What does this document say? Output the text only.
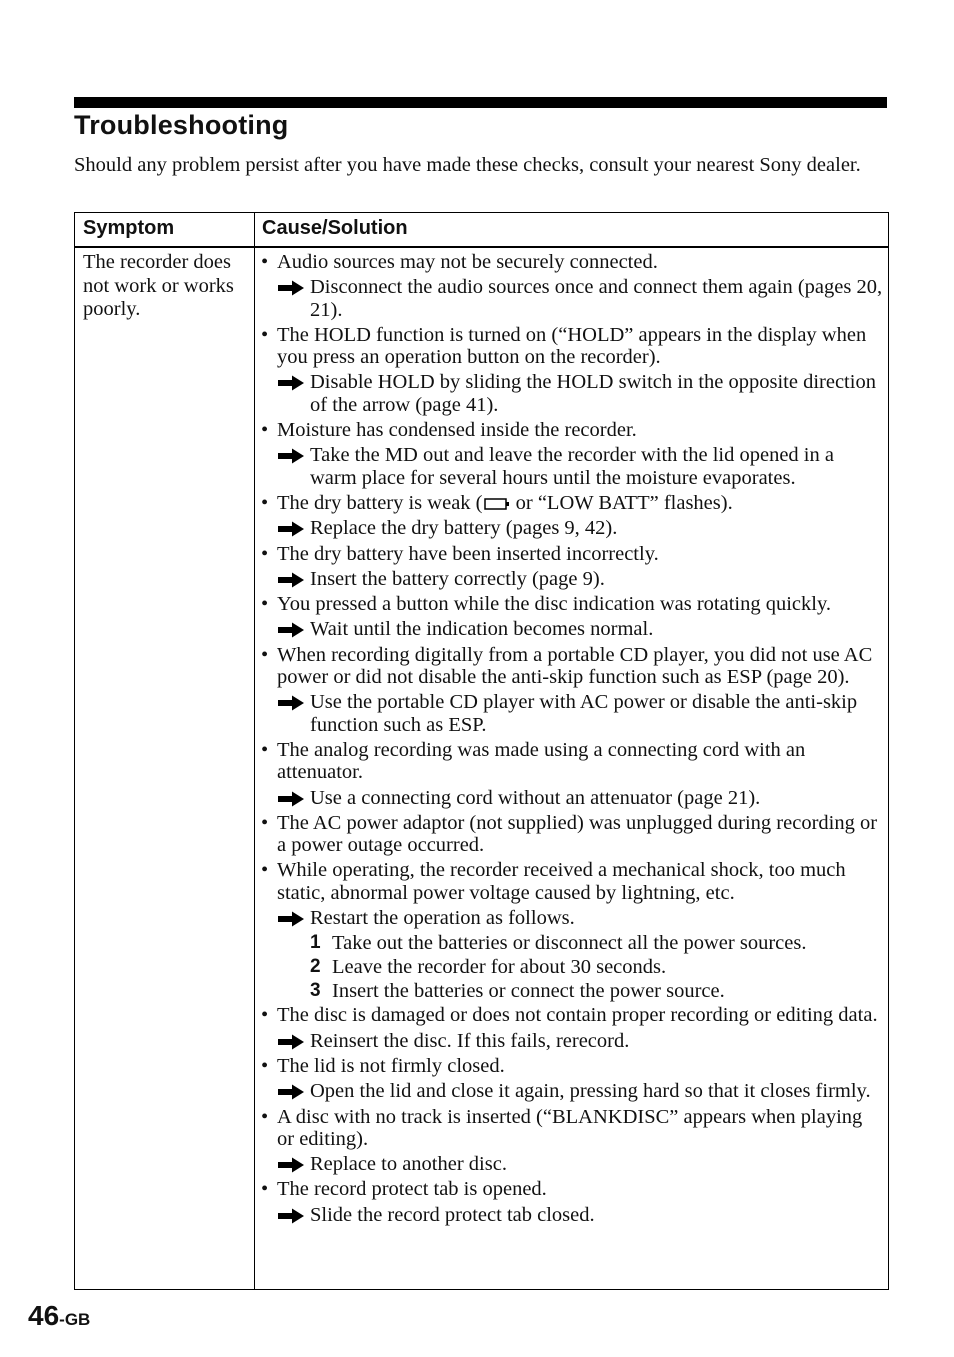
Troubleshooting

Should any problem persist after you have made these checks, consult your nearest Sony dealer.

Symptom	Cause/Solution
The recorder does not work or works poorly.
• Audio sources may not be securely connected.
Disconnect the audio sources once and connect them again (pages 20, 21).
• The HOLD function is turned on (“HOLD” appears in the display when you press an operation button on the recorder).
Disable HOLD by sliding the HOLD switch in the opposite direction of the arrow (page 41).
• Moisture has condensed inside the recorder.
Take the MD out and leave the recorder with the lid opened in a warm place for several hours until the moisture evaporates.
• The dry battery is weak ( or “LOW BATT” flashes).
Replace the dry battery (pages 9, 42).
• The dry battery have been inserted incorrectly.
Insert the battery correctly (page 9).
• You pressed a button while the disc indication was rotating quickly.
Wait until the indication becomes normal.
• When recording digitally from a portable CD player, you did not use AC power or did not disable the anti-skip function such as ESP (page 20).
Use the portable CD player with AC power or disable the anti-skip function such as ESP.
• The analog recording was made using a connecting cord with an attenuator.
Use a connecting cord without an attenuator (page 21).
• The AC power adaptor (not supplied) was unplugged during recording or a power outage occurred.
• While operating, the recorder received a mechanical shock, too much static, abnormal power voltage caused by lightning, etc.
Restart the operation as follows.
1 Take out the batteries or disconnect all the power sources.
2 Leave the recorder for about 30 seconds.
3 Insert the batteries or connect the power source.
• The disc is damaged or does not contain proper recording or editing data.
Reinsert the disc. If this fails, rerecord.
• The lid is not firmly closed.
Open the lid and close it again, pressing hard so that it closes firmly.
• A disc with no track is inserted (“BLANKDISC” appears when playing or editing).
Replace to another disc.
• The record protect tab is opened.
Slide the record protect tab closed.
46-GB
